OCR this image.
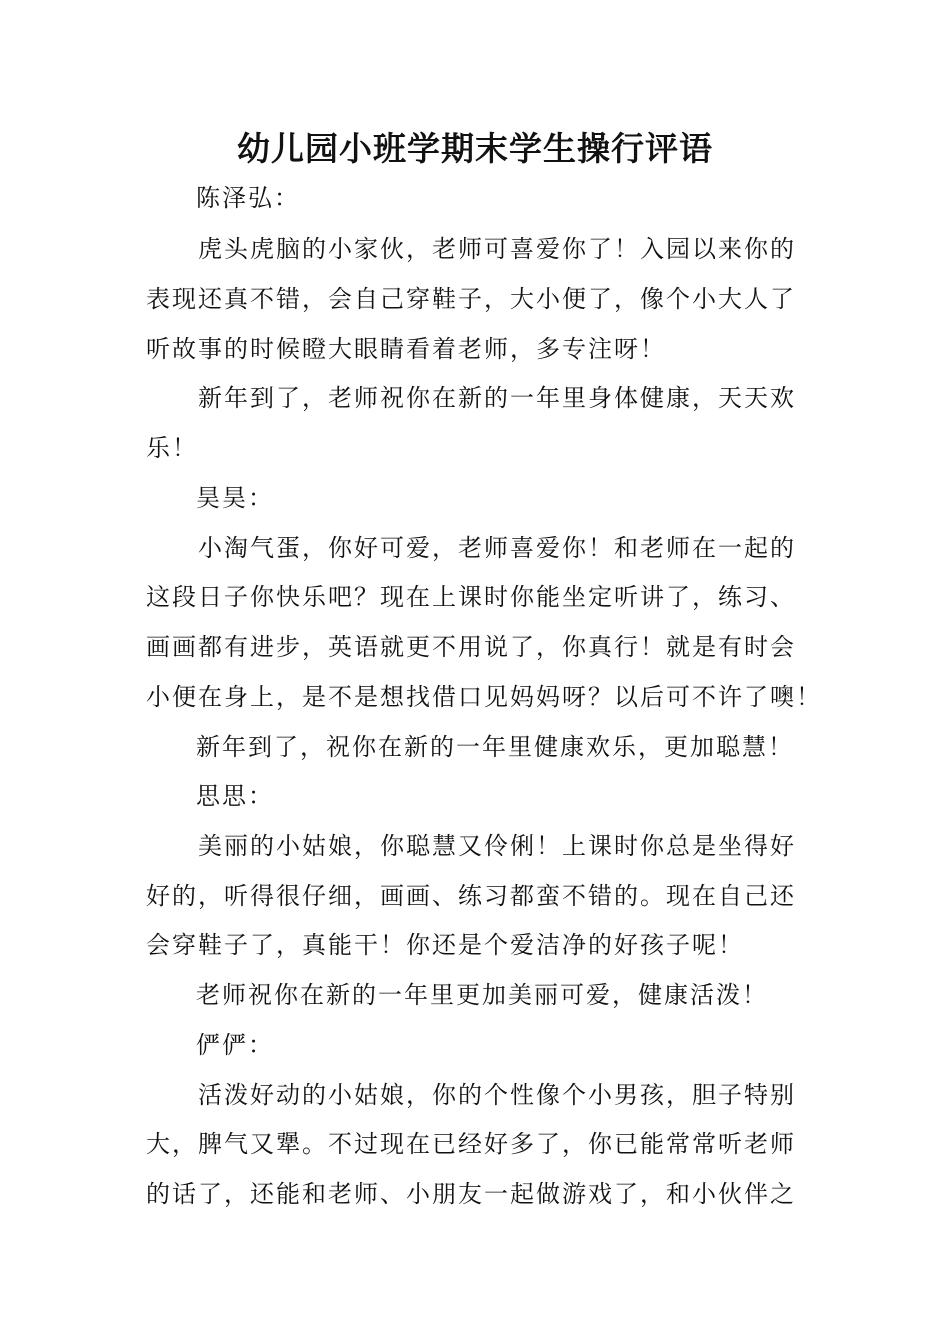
幼儿园小班学期末学生操行评语
陈泽弘：
虎头虎脑的小家伙，老师可喜爱你了！入园以来你的
表现还真不错，会自己穿鞋子，大小便了，像个小大人了
听故事的时候瞪大眼睛看着老师，多专注呀！
新年到了，老师祝你在新的一年里身体健康，天天欢
乐！
昊昊：
小淘气蛋，你好可爱，老师喜爱你！和老师在一起的
这段日子你快乐吧？现在上课时你能坐定听讲了，练习、
画画都有进步，英语就更不用说了，你真行！就是有时会
小便在身上，是不是想找借口见妈妈呀？以后可不许了噢！
新年到了，祝你在新的一年里健康欢乐，更加聪慧！
思思：
美丽的小姑娘，你聪慧又伶俐！上课时你总是坐得好
好的，听得很仔细，画画、练习都蛮不错的。现在自己还
会穿鞋子了，真能干！你还是个爱洁净的好孩子呢！
老师祝你在新的一年里更加美丽可爱，健康活泼！
俨俨：
活泼好动的小姑娘，你的个性像个小男孩，胆子特别
大，脾气又犟。不过现在已经好多了，你已能常常听老师
的话了，还能和老师、小朋友一起做游戏了，和小伙伴之
